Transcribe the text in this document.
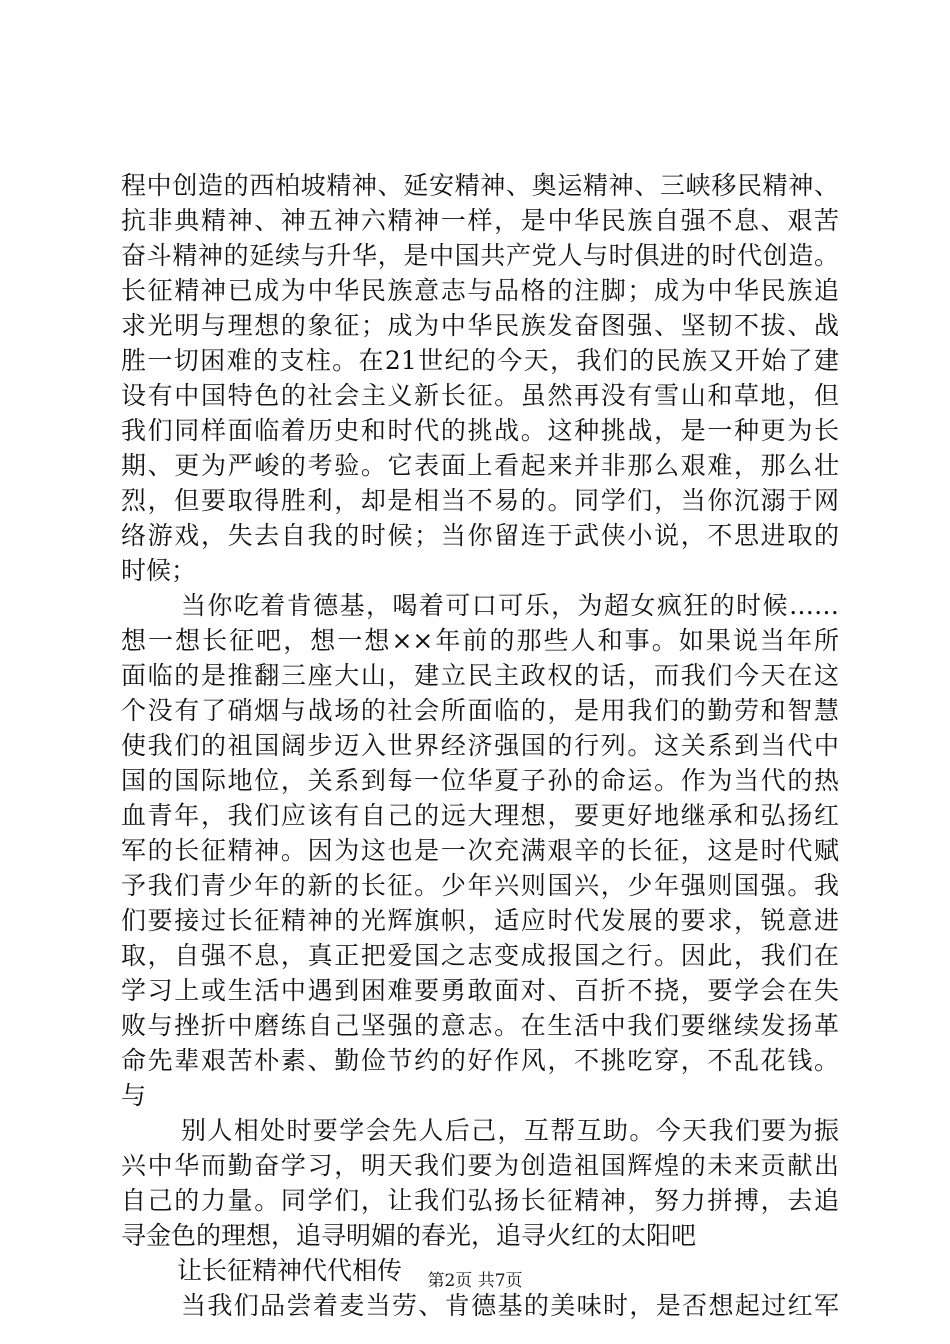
程中创造的西柏坡精神、延安精神、奥运精神、三峡移民精神、
抗非典精神、神五神六精神一样，是中华民族自强不息、艰苦
奋斗精神的延续与升华，是中国共产党人与时俱进的时代创造。
长征精神已成为中华民族意志与品格的注脚；成为中华民族追
求光明与理想的象征；成为中华民族发奋图强、坚韧不拔、战
胜一切困难的支柱。在21世纪的今天，我们的民族又开始了建
设有中国特色的社会主义新长征。虽然再没有雪山和草地，但
我们同样面临着历史和时代的挑战。这种挑战，是一种更为长
期、更为严峻的考验。它表面上看起来并非那么艰难，那么壮
烈，但要取得胜利，却是相当不易的。同学们，当你沉溺于网
络游戏，失去自我的时候；当你留连于武侠小说，不思进取的
时候；
当你吃着肯德基，喝着可口可乐，为超女疯狂的时候……
想一想长征吧，想一想××年前的那些人和事。如果说当年所
面临的是推翻三座大山，建立民主政权的话，而我们今天在这
个没有了硝烟与战场的社会所面临的，是用我们的勤劳和智慧
使我们的祖国阔步迈入世界经济强国的行列。这关系到当代中
国的国际地位，关系到每一位华夏子孙的命运。作为当代的热
血青年，我们应该有自己的远大理想，要更好地继承和弘扬红
军的长征精神。因为这也是一次充满艰辛的长征，这是时代赋
予我们青少年的新的长征。少年兴则国兴，少年强则国强。我
们要接过长征精神的光辉旗帜，适应时代发展的要求，锐意进
取，自强不息，真正把爱国之志变成报国之行。因此，我们在
学习上或生活中遇到困难要勇敢面对、百折不挠，要学会在失
败与挫折中磨练自己坚强的意志。在生活中我们要继续发扬革
命先辈艰苦朴素、勤俭节约的好作风，不挑吃穿，不乱花钱。
与
别人相处时要学会先人后己，互帮互助。今天我们要为振
兴中华而勤奋学习，明天我们要为创造祖国辉煌的未来贡献出
自己的力量。同学们，让我们弘扬长征精神，努力拼搏，去追
寻金色的理想，追寻明媚的春光，追寻火红的太阳吧
让长征精神代代相传
当我们品尝着麦当劳、肯德基的美味时，是否想起过红军
第2页 共7页
